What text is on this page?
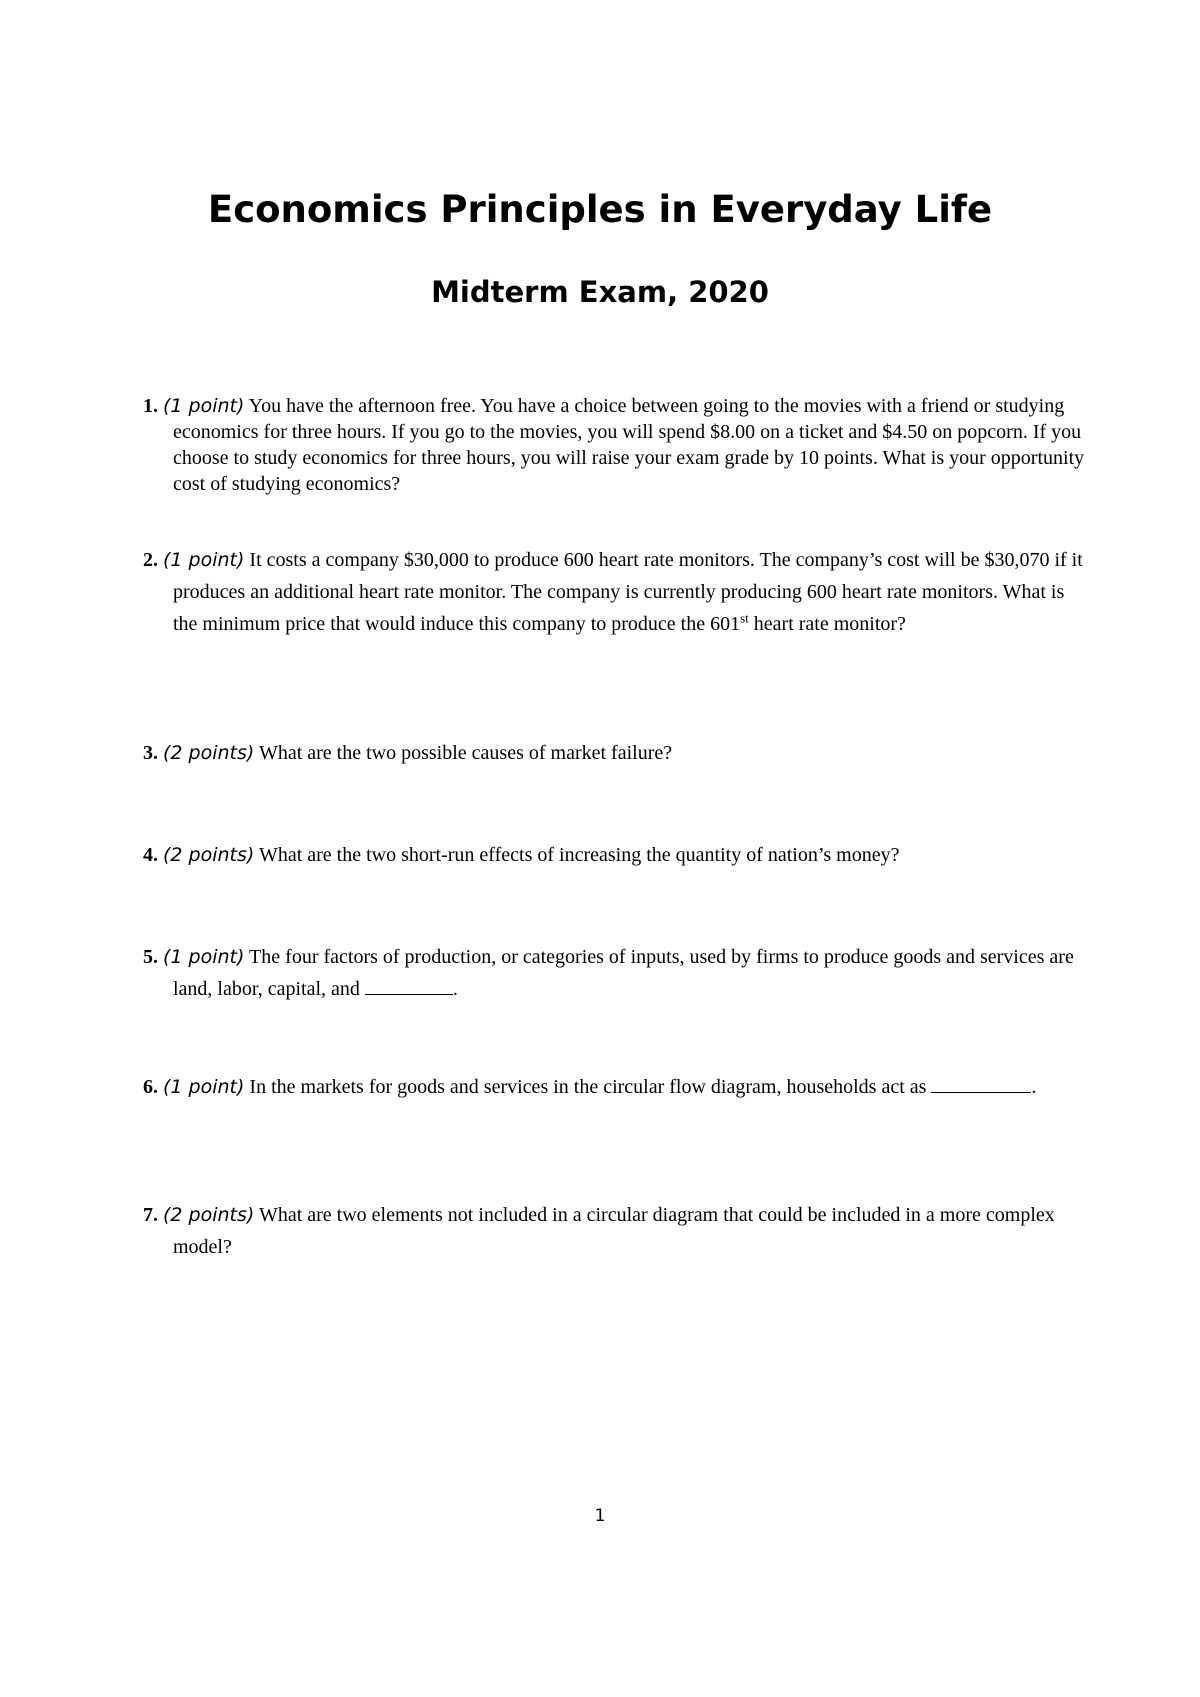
Economics Principles in Everyday Life
Midterm Exam, 2020
1. (1 point) You have the afternoon free. You have a choice between going to the movies with a friend or studying economics for three hours. If you go to the movies, you will spend $8.00 on a ticket and $4.50 on popcorn. If you choose to study economics for three hours, you will raise your exam grade by 10 points. What is your opportunity cost of studying economics?
2. (1 point) It costs a company $30,000 to produce 600 heart rate monitors. The company’s cost will be $30,070 if it produces an additional heart rate monitor. The company is currently producing 600 heart rate monitors. What is the minimum price that would induce this company to produce the 601st heart rate monitor?
3. (2 points) What are the two possible causes of market failure?
4. (2 points) What are the two short-run effects of increasing the quantity of nation’s money?
5. (1 point) The four factors of production, or categories of inputs, used by firms to produce goods and services are land, labor, capital, and	.
6. (1 point) In the markets for goods and services in the circular flow diagram, households act as	.
7. (2 points) What are two elements not included in a circular diagram that could be included in a more complex model?
1
